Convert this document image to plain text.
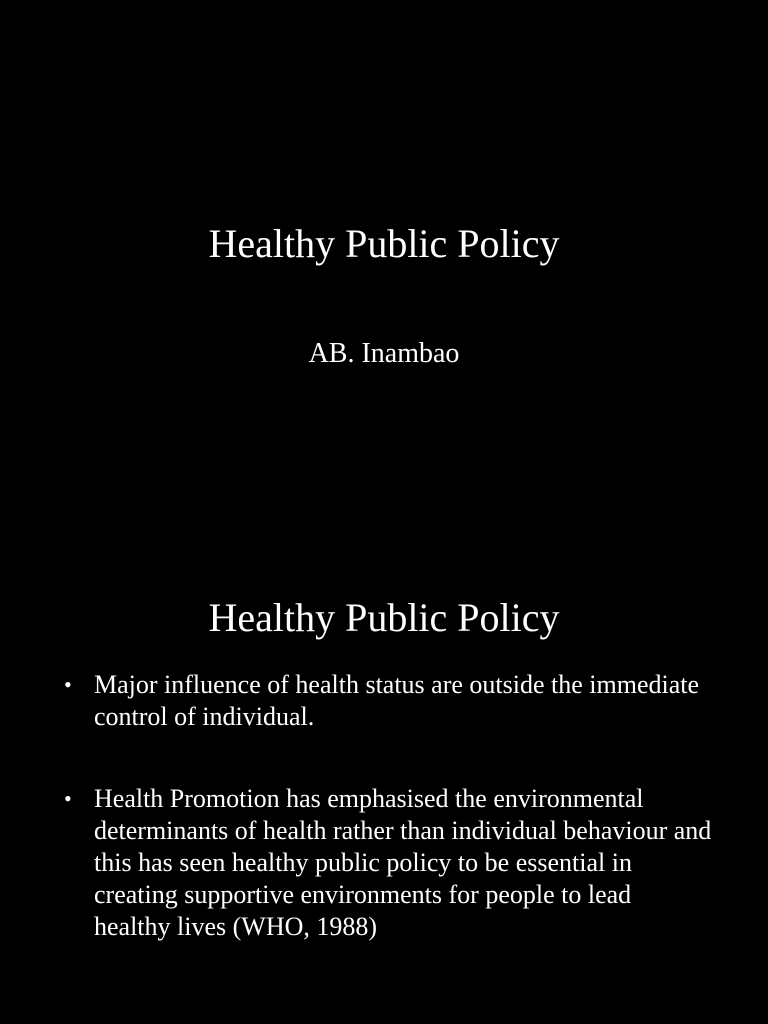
Healthy Public Policy

AB. Inambao

Healthy Public Policy
• Major influence of health status are outside the immediate control of individual.
• Health Promotion has emphasised the environmental determinants of health rather than individual behaviour and this has seen healthy public policy to be essential in creating supportive environments for people to lead healthy lives (WHO, 1988)
